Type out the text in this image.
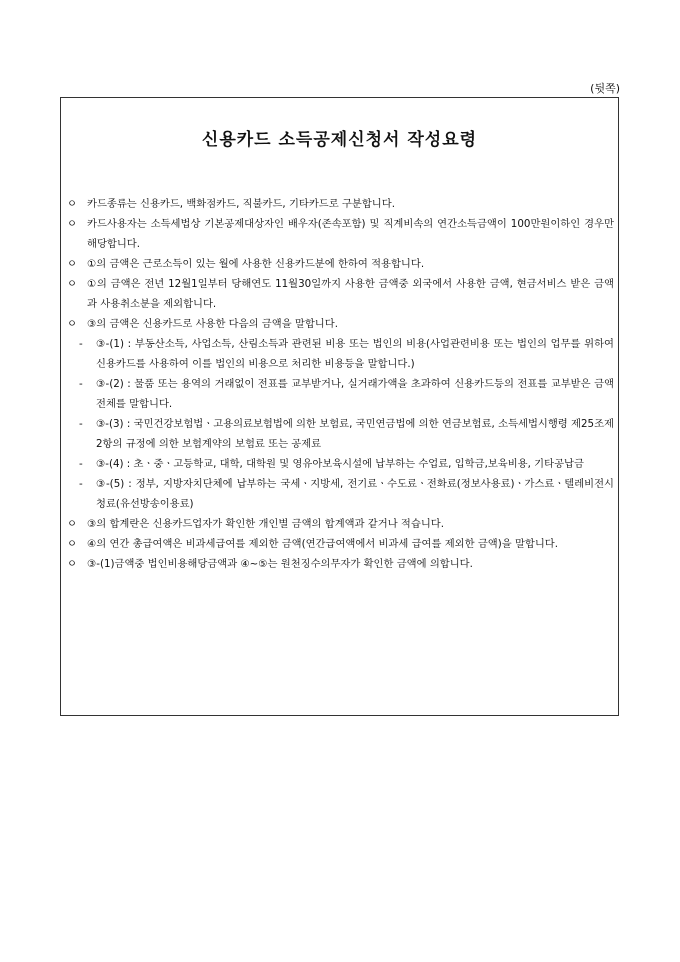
(뒷쪽)
신용카드 소득공제신청서 작성요령
ㅇ 카드종류는 신용카드, 백화점카드, 직불카드, 기타카드로 구분합니다.
ㅇ 카드사용자는 소득세법상 기본공제대상자인 배우자(존속포함) 및 직계비속의 연간소득금액이 100만원이하인 경우만 해당합니다.
ㅇ ①의 금액은 근로소득이 있는 월에 사용한 신용카드분에 한하여 적용합니다.
ㅇ ①의 금액은 전년 12월1일부터 당해연도 11월30일까지 사용한 금액중 외국에서 사용한 금액, 현금서비스 받은 금액과 사용취소분을 제외합니다.
ㅇ ③의 금액은 신용카드로 사용한 다음의 금액을 말합니다.
-	③-(1) : 부동산소득, 사업소득, 산림소득과 관련된 비용 또는 법인의 비용(사업관련비용 또는 법인의 업무를 위하여 신용카드를 사용하여 이를 법인의 비용으로 처리한 비용등을 말합니다.)
-	③-(2) : 물품 또는 용역의 거래없이 전표를 교부받거나, 실거래가액을 초과하여 신용카드등의 전표를 교부받은 금액전체를 말합니다.
-	③-(3) : 국민건강보험법ㆍ고용의료보험법에 의한 보험료, 국민연금법에 의한 연금보험료, 소득세법시행령 제25조제2항의 규정에 의한 보험계약의 보험료 또는 공제료
-	③-(4) : 초ㆍ중ㆍ고등학교, 대학, 대학원 및 영유아보육시설에 납부하는 수업료, 입학금,보육비용, 기타공납금
-	③-(5) : 정부, 지방자치단체에 납부하는 국세ㆍ지방세, 전기료ㆍ수도료ㆍ전화료(정보사용료)ㆍ가스료ㆍ텔레비전시청료(유선방송이용료)
ㅇ ③의 합계란은 신용카드업자가 확인한 개인별 금액의 합계액과 같거나 적습니다.
ㅇ ④의 연간 총급여액은 비과세급여를 제외한 금액(연간급여액에서 비과세 급여를 제외한 금액)을 말합니다.
ㅇ ③-(1)금액중 법인비용해당금액과 ④~⑤는 원천징수의무자가 확인한 금액에 의합니다.
